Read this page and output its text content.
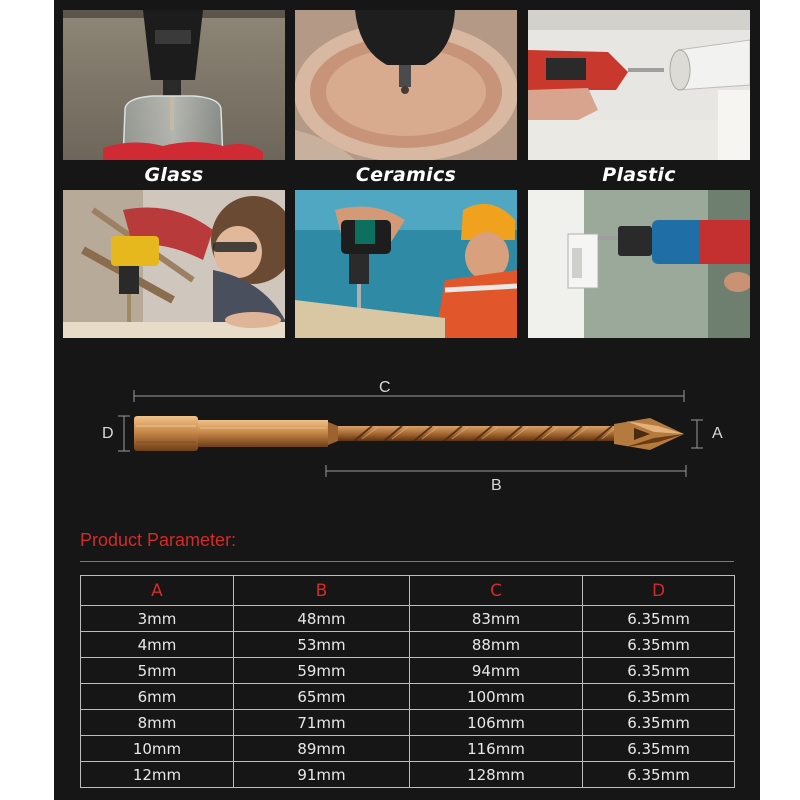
Glass	Ceramics	Plastic
C
D	A
B
Product Parameter:
A	B	C	D
3mm	48mm	83mm	6.35mm
4mm	53mm	88mm	6.35mm
5mm	59mm	94mm	6.35mm
6mm	65mm	100mm	6.35mm
8mm	71mm	106mm	6.35mm
10mm	89mm	116mm	6.35mm
12mm	91mm	128mm	6.35mm
